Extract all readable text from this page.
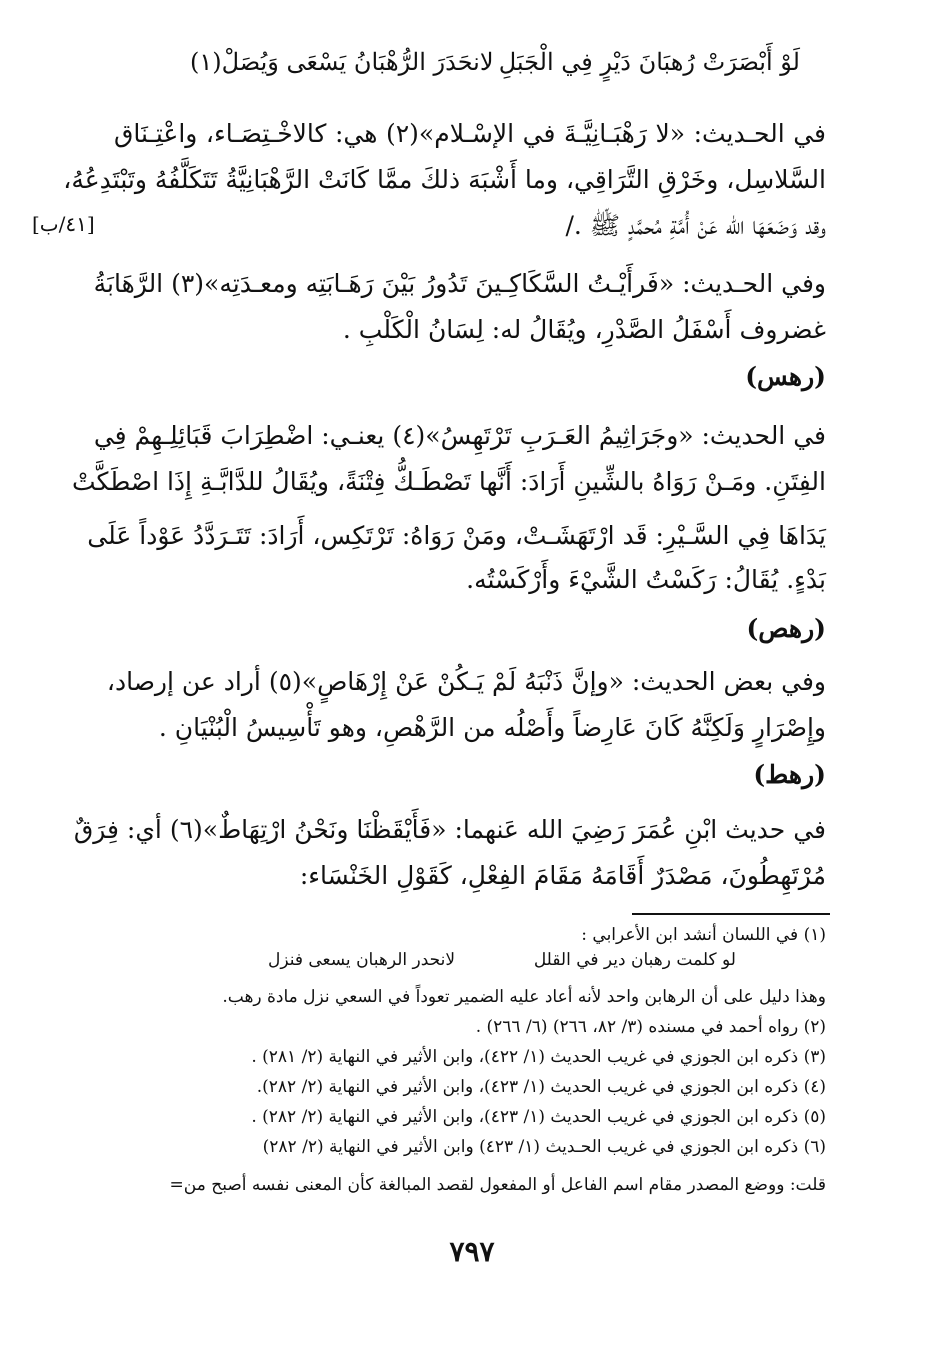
لَوْ أَبْصَرَتْ رُهبَانَ دَيْرٍ فِي الْجَبَلِ
لانحَدَرَ الرُّهْبَانُ يَسْعَى وَيُصَلْ(١)
[٤١/ب]
في الحـديث: «لا رَهْبَـانِيَّـةَ في الإسْـلام»(٢) هي: كالاخْـتِصَـاء، واعْتِـنَاق
السَّلاسِل، وخَرْقِ التَّرَاقِي، وما أَشْبَهَ ذلكَ ممَّا كَانَتْ الرَّهْبَانِيَّةُ تَتَكَلَّفُهُ وتَبْتَدِعُهُ،
وقد وَضَعَهَا الله عَنْ أُمَّةِ مُحمَّدٍ ﷺ ./
وفي الحـديث: «فَرأَيْـتُ السَّكَاكِـينَ تَدُورُ بَيْنَ رَهَـابَتِه ومعـدَتِه»(٣) الرَّهَابَةُ
غضروف أَسْفَلُ الصَّدْرِ، ويُقَالُ له: لِسَانُ الْكَلْبِ .
(رهس)
في الحديث: «وجَرَاثِيمُ العَـرَبِ تَرْتَهِسُ»(٤) يعنـي: اضْطِرَابَ قَبَائِلِـهِمْ فِي
الفِتَنِ. ومَـنْ رَوَاهُ بالشِّينِ أَرَادَ: أَنَّها تَصْطَـكُّ فِتْنَةً، ويُقَالُ للدَّابَّـةِ إِذَا اصْطَكَّتْ
يَدَاهَا فِي السَّـيْرِ: قَد ارْتَهَشَـتْ، ومَنْ رَوَاهُ: تَرْتَكِس، أَرَادَ: تَتَـرَدَّدُ عَوْداً عَلَى
بَدْءٍ. يُقَالُ: رَكَسْتُ الشَّيْءَ وأَرْكَسْتُه.
(رهص)
وفي بعض الحديث: «وإنَّ ذَنْبَهُ لَمْ يَـكُنْ عَنْ إِرْهَاصٍ»(٥) أراد عن إرصاد،
وإِصْرَارٍ وَلَكِنَّهُ كَانَ عَارِضاً وأَصْلُه من الرَّهْصِ، وهو تَأْسِيسُ الْبُنْيَانِ .
(رهط)
في حديث ابْنِ عُمَرَ رَضِيَ الله عَنهما: «فَأَيْقَظْنَا ونَحْنُ ارْتِهَاطٌ»(٦) أي: فِرَقٌ
مُرْتَهِطُونَ، مَصْدَرٌ أَقَامَهُ مَقَامَ الفِعْلِ، كَقَوْلِ الخَنْسَاء:
(١) في اللسان أنشد ابن الأعرابي :
لو كلمت رهبان دير في القلل
لانحدر الرهبان يسعى فنزل
وهذا دليل على أن الرهابن واحد لأنه أعاد عليه الضمير تعوداً في السعي نزل مادة رهب.
(٢) رواه أحمد في مسنده (٣/ ٨٢، ٢٦٦) (٦/ ٢٦٦) .
(٣) ذكره ابن الجوزي في غريب الحديث (١/ ٤٢٢)، وابن الأثير في النهاية (٢/ ٢٨١) .
(٤) ذكره ابن الجوزي في غريب الحديث (١/ ٤٢٣)، وابن الأثير في النهاية (٢/ ٢٨٢).
(٥) ذكره ابن الجوزي في غريب الحديث (١/ ٤٢٣)، وابن الأثير في النهاية (٢/ ٢٨٢) .
(٦) ذكره ابن الجوزي في غريب الحـديث (١/ ٤٢٣) وابن الأثير في النهاية (٢/ ٢٨٢)
قلت: ووضع المصدر مقام اسم الفاعل أو المفعول لقصد المبالغة كأن المعنى نفسه أصبح من=
٧٩٧
